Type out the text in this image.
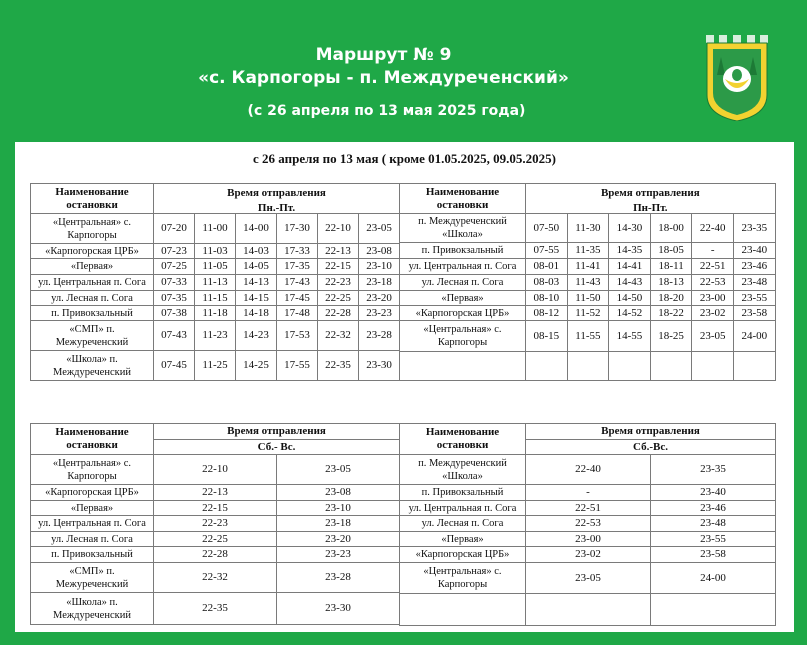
Маршрут № 9
«с. Карпогоры - п. Междуреченский»
(с 26 апреля по 13 мая 2025 года)
с 26 апреля по 13 мая ( кроме 01.05.2025, 09.05.2025)
Наименование остановки	Время отправления					
	Пн.-Пт.					
«Центральная» с. Карпогоры	07-20	11-00	14-00	17-30	22-10	23-05
«Карпогорская ЦРБ»	07-23	11-03	14-03	17-33	22-13	23-08
«Первая»	07-25	11-05	14-05	17-35	22-15	23-10
ул. Центральная п. Сога	07-33	11-13	14-13	17-43	22-23	23-18
ул. Лесная п. Сога	07-35	11-15	14-15	17-45	22-25	23-20
п. Привокзальный	07-38	11-18	14-18	17-48	22-28	23-23
«СМП» п. Межуреченский	07-43	11-23	14-23	17-53	22-32	23-28
«Школа» п. Междуреченский	07-45	11-25	14-25	17-55	22-35	23-30
Наименование остановки	Время отправления					
	Пн-Пт.					
п. Междуреченский «Школа»	07-50	11-30	14-30	18-00	22-40	23-35
п. Привокзальный	07-55	11-35	14-35	18-05	-	23-40
ул. Центральная п. Сога	08-01	11-41	14-41	18-11	22-51	23-46
ул. Лесная п. Сога	08-03	11-43	14-43	18-13	22-53	23-48
«Первая»	08-10	11-50	14-50	18-20	23-00	23-55
«Карпогорская ЦРБ»	08-12	11-52	14-52	18-22	23-02	23-58
«Центральная» с. Карпогоры	08-15	11-55	14-55	18-25	23-05	24-00

Наименование остановки	Время отправления	
	Сб.- Вс.	
«Центральная» с. Карпогоры	22-10	23-05
«Карпогорская ЦРБ»	22-13	23-08
«Первая»	22-15	23-10
ул. Центральная п. Сога	22-23	23-18
ул. Лесная п. Сога	22-25	23-20
п. Привокзальный	22-28	23-23
«СМП» п. Межуреченский	22-32	23-28
«Школа» п. Междуреченский	22-35	23-30
Наименование остановки	Время отправления	
	Сб.-Вс.	
п. Междуреченский «Школа»	22-40	23-35
п. Привокзальный	-	23-40
ул. Центральная п. Сога	22-51	23-46
ул. Лесная п. Сога	22-53	23-48
«Первая»	23-00	23-55
«Карпогорская ЦРБ»	23-02	23-58
«Центральная» с. Карпогоры	23-05	24-00
